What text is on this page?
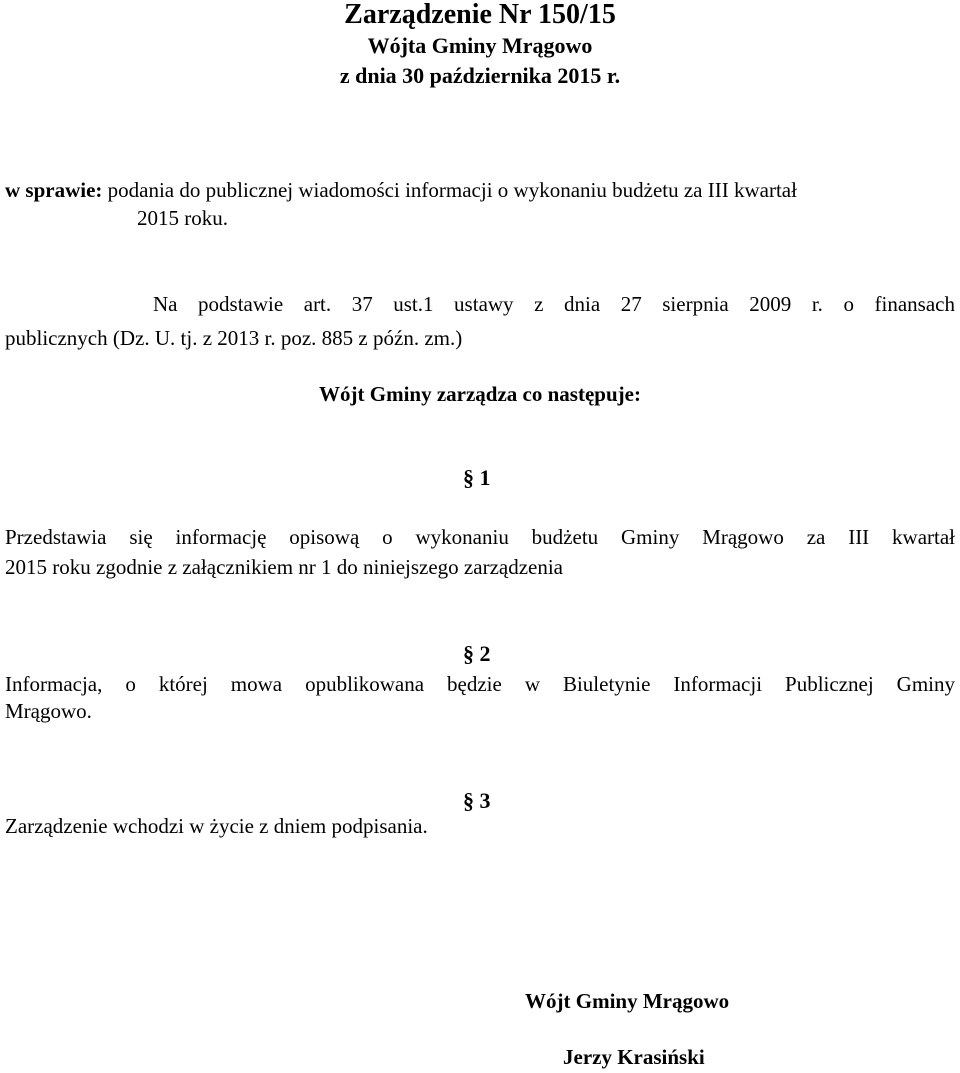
Zarządzenie Nr 150/15
Wójta Gminy Mrągowo
z dnia 30 października 2015 r.
w sprawie: podania do publicznej wiadomości informacji o wykonaniu budżetu za III kwartał
2015 roku.
Na podstawie art. 37 ust.1 ustawy z dnia 27 sierpnia 2009 r. o finansach
publicznych (Dz. U. tj. z 2013 r. poz. 885 z późn. zm.)
Wójt Gminy zarządza co następuje:
§ 1
Przedstawia się informację opisową o wykonaniu budżetu Gminy Mrągowo za III kwartał
2015 roku zgodnie z załącznikiem nr 1 do niniejszego zarządzenia
§ 2
Informacja, o której mowa opublikowana będzie w Biuletynie Informacji Publicznej Gminy
Mrągowo.
§ 3
Zarządzenie wchodzi w życie z dniem podpisania.
Wójt Gminy Mrągowo
Jerzy Krasiński
